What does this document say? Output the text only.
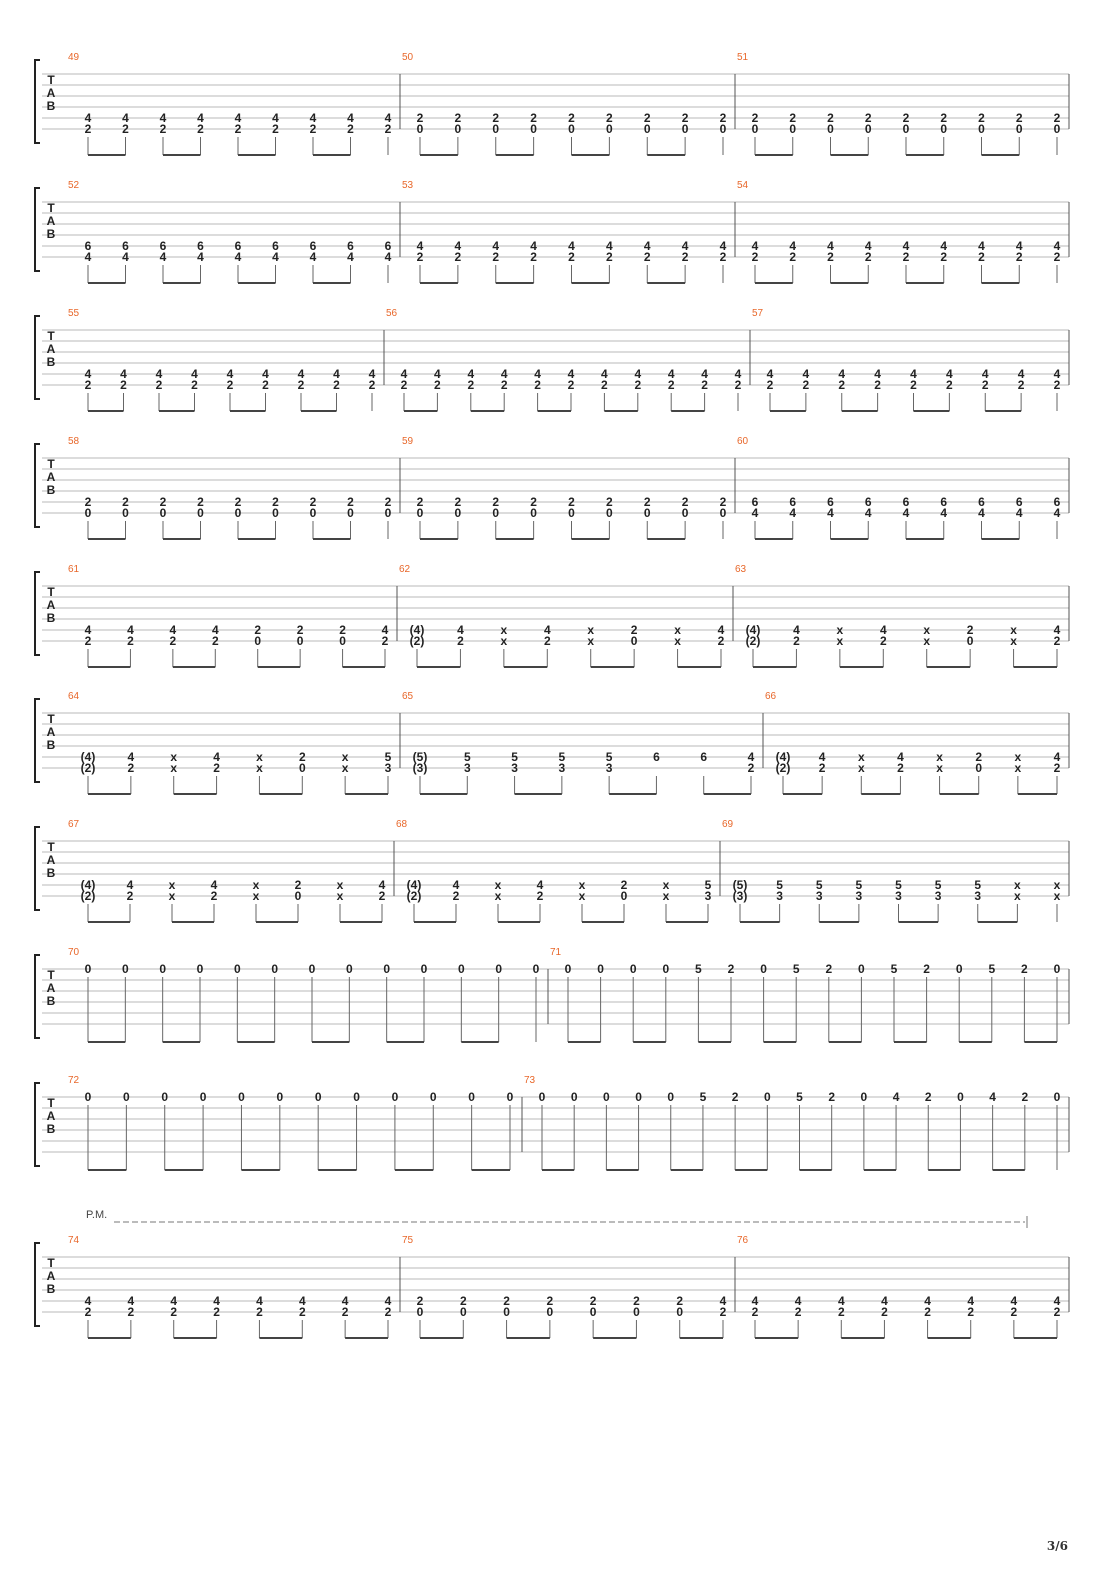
T
A
B
49
4
2
4
2
4
2
4
2
4
2
4
2
4
2
4
2
4
2
50
2
0
2
0
2
0
2
0
2
0
2
0
2
0
2
0
2
0
51
2
0
2
0
2
0
2
0
2
0
2
0
2
0
2
0
2
0
T
A
B
52
6
4
6
4
6
4
6
4
6
4
6
4
6
4
6
4
6
4
53
4
2
4
2
4
2
4
2
4
2
4
2
4
2
4
2
4
2
54
4
2
4
2
4
2
4
2
4
2
4
2
4
2
4
2
4
2
T
A
B
55
4
2
4
2
4
2
4
2
4
2
4
2
4
2
4
2
4
2
56
4
2
4
2
4
2
4
2
4
2
4
2
4
2
4
2
4
2
4
2
4
2
57
4
2
4
2
4
2
4
2
4
2
4
2
4
2
4
2
4
2
T
A
B
58
2
0
2
0
2
0
2
0
2
0
2
0
2
0
2
0
2
0
59
2
0
2
0
2
0
2
0
2
0
2
0
2
0
2
0
2
0
60
6
4
6
4
6
4
6
4
6
4
6
4
6
4
6
4
6
4
T
A
B
61
4
2
4
2
4
2
4
2
2
0
2
0
2
0
4
2
62
(4)
(2)
4
2
x
x
4
2
x
x
2
0
x
x
4
2
63
(4)
(2)
4
2
x
x
4
2
x
x
2
0
x
x
4
2
T
A
B
64
(4)
(2)
4
2
x
x
4
2
x
x
2
0
x
x
5
3
65
(5)
(3)
5
3
5
3
5
3
5
3
6	6	4
2
66
(4)
(2)
4
2
x
x
4
2
x
x
2
0
x
x
4
2
T
A
B
67
(4)
(2)
4
2
x
x
4
2
x
x
2
0
x
x
4
2
68
(4)
(2)
4
2
x
x
4
2
x
x
2
0
x
x
5
3
69
(5)
(3)
5
3
5
3
5
3
5
3
5
3
5
3
x
x
x
x
T
A
B
70
0	0	0	0	0	0	0	0	0	0	0	0	0
71
0 0 0 0 5 2 0 5 2 0 5 2 0 5 2 0
T
A
B
72
0	0	0	0	0	0	0	0	0	0	0	0
73
0 0 0 0 0 5 2 0 5 2 0 4 2 0 4 2 0
T
A
B
74
4
2
4
2
4
2
4
2
4
2
4
2
4
2
4
2
75
2
0
2
0
2
0
2
0
2
0
2
0
2
0
4
2
76
4
2
4
2
4
2
4
2
4
2
4
2
4
2
4
2
P.M.
3/6
